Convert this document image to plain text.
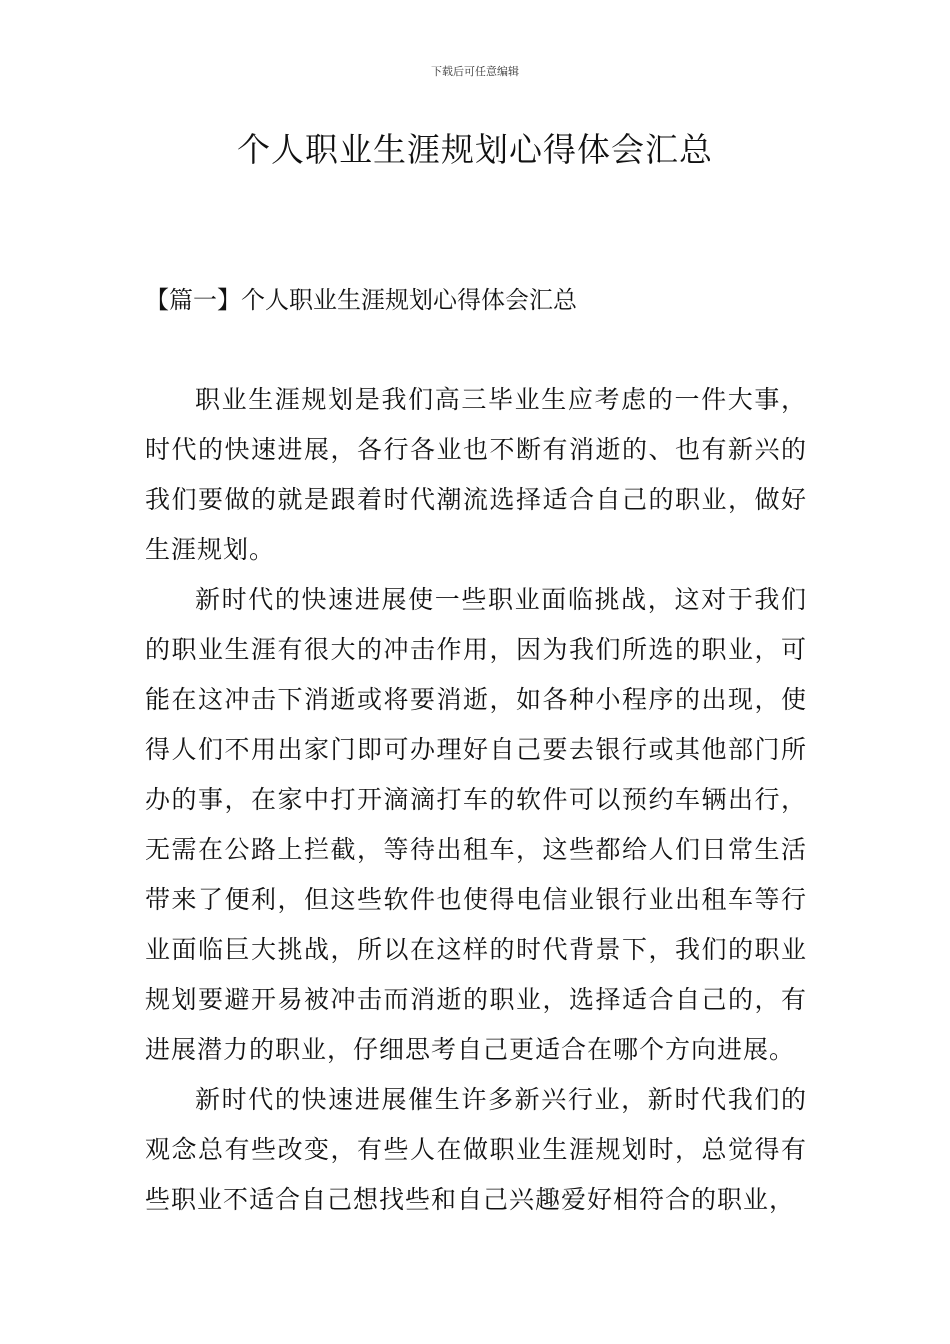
下载后可任意编辑
个人职业生涯规划心得体会汇总
【篇一】个人职业生涯规划心得体会汇总

职业生涯规划是我们高三毕业生应考虑的一件大事，时代的快速进展，各行各业也不断有消逝的、也有新兴的我们要做的就是跟着时代潮流选择适合自己的职业，做好生涯规划。

新时代的快速进展使一些职业面临挑战，这对于我们的职业生涯有很大的冲击作用，因为我们所选的职业，可能在这冲击下消逝或将要消逝，如各种小程序的出现，使得人们不用出家门即可办理好自己要去银行或其他部门所办的事，在家中打开滴滴打车的软件可以预约车辆出行，无需在公路上拦截，等待出租车，这些都给人们日常生活带来了便利，但这些软件也使得电信业银行业出租车等行业面临巨大挑战，所以在这样的时代背景下，我们的职业规划要避开易被冲击而消逝的职业，选择适合自己的，有进展潜力的职业，仔细思考自己更适合在哪个方向进展。

新时代的快速进展催生许多新兴行业，新时代我们的观念总有些改变，有些人在做职业生涯规划时，总觉得有些职业不适合自己想找些和自己兴趣爱好相符合的职业，
